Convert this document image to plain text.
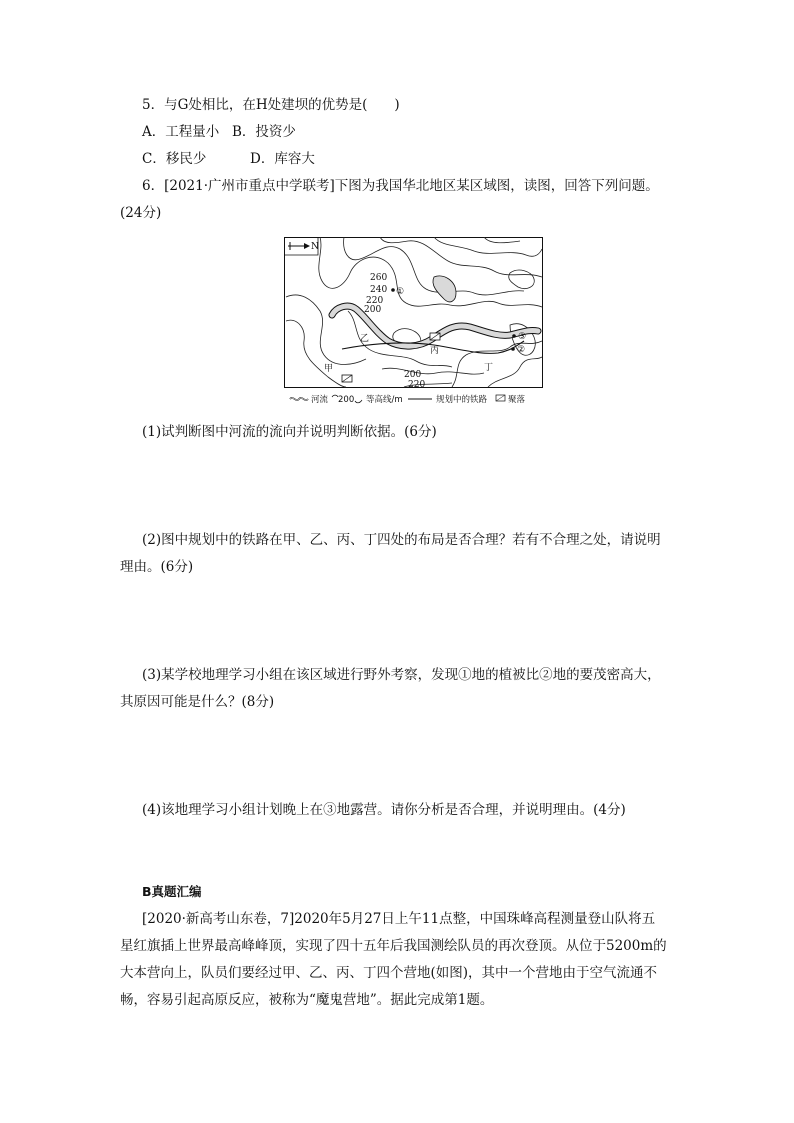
5．与G处相比，在H处建坝的优势是(　　)
A．工程量小 B．投资少
C．移民少	D．库容大
6．[2021·广州市重点中学联考]下图为我国华北地区某区域图，读图，回答下列问题。
(24分)
N
260
240
220
200
200
220
①
③
②
甲
乙
丙
丁
河流 200 等高线/m	规划中的铁路 聚落
(1)试判断图中河流的流向并说明判断依据。(6分)
(2)图中规划中的铁路在甲、乙、丙、丁四处的布局是否合理？若有不合理之处，请说明
理由。(6分)
(3)某学校地理学习小组在该区域进行野外考察，发现①地的植被比②地的要茂密高大，
其原因可能是什么？(8分)
(4)该地理学习小组计划晚上在③地露营。请你分析是否合理，并说明理由。(4分)
B真题汇编
[2020·新高考山东卷，7]2020年5月27日上午11点整，中国珠峰高程测量登山队将五
星红旗插上世界最高峰峰顶，实现了四十五年后我国测绘队员的再次登顶。从位于5200m的
大本营向上，队员们要经过甲、乙、丙、丁四个营地(如图)，其中一个营地由于空气流通不
畅，容易引起高原反应，被称为“魔鬼营地”。据此完成第1题。
